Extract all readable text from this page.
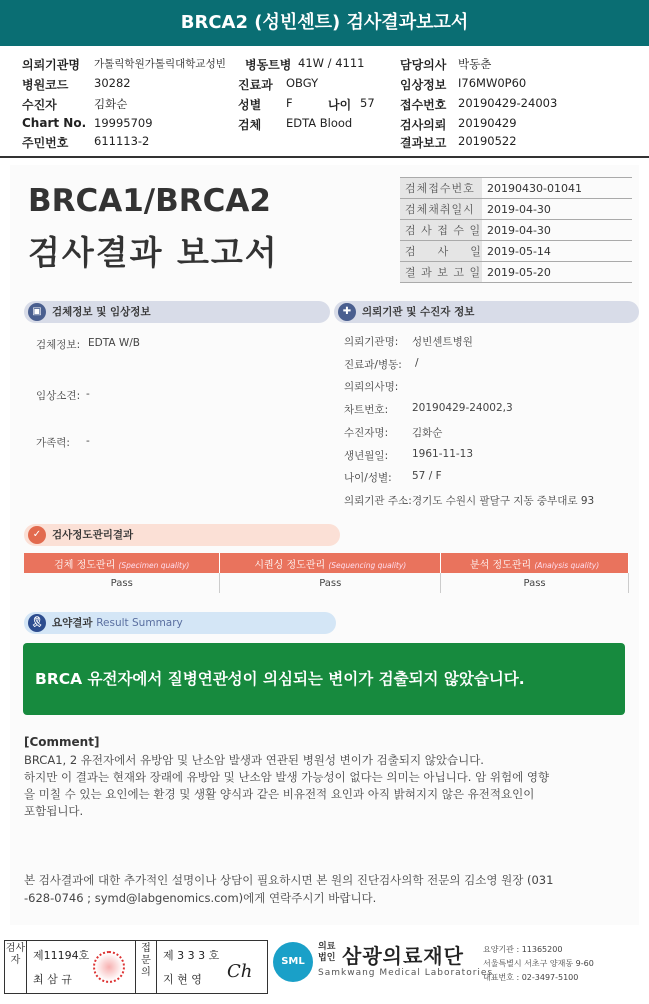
BRCA2 (성빈센트) 검사결과보고서
의뢰기관명 가톨릭학원가톨릭대학교성빈 병동트병 41W / 4111	담당의사 박동춘
병원코드 30282	진료과 OBGY	임상정보 I76MW0P60
수진자	김화순	성별 F	나이 57 접수번호 20190429-24003
Chart No. 19995709	검체 EDTA Blood	검사의뢰 20190429
주민번호 611113-2	결과보고 20190522
BRCA1/BRCA2
검사결과 보고서
검체접수번호	20190430-01041
검체채취일시	2019-04-30
검 사 접 수 일	2019-04-30
검 　 사 　 일	2019-05-14
결 과 보 고 일	2019-05-20
▣ 검체정보 및 임상정보
검체정보: EDTA W/B
임상소견: -
가족력: -
✚	의뢰기관 및 수진자 정보
의뢰기관명: 성빈센트병원
진료과/병동: /
의뢰의사명:
차트번호: 20190429-24002,3
수진자명: 김화순
생년월일: 1961-11-13
나이/성별: 57 / F
의뢰기관 주소: 경기도 수원시 팔달구 지동 중부대로 93
✓	검사정도관리결과
검체 정도관리 (Specimen quality)	시퀀싱 정도관리 (Sequencing quality)	분석 정도관리 (Analysis quality)
Pass	Pass	Pass
🎗 요약결과 Result Summary
BRCA 유전자에서 질병연관성이 의심되는 변이가 검출되지 않았습니다.
[Comment]
BRCA1, 2 유전자에서 유방암 및 난소암 발생과 연관된 병원성 변이가 검출되지 않았습니다.
하지만 이 결과는 현재와 장래에 유방암 및 난소암 발생 가능성이 없다는 의미는 아닙니다. 암 위험에 영향
을 미칠 수 있는 요인에는 환경 및 생활 양식과 같은 비유전적 요인과 아직 밝혀지지 않은 유전적요인이
포함됩니다.
본 검사결과에 대한 추가적인 설명이나 상담이 필요하시면 본 원의 진단검사의학 전문의 김소영 원장 (031
-628-0746 ; symd@labgenomics.com)에게 연락주시기 바랍니다.
검사자	제11194호
최 삼 규
접 문 의
제 3 3 3 호
지 현 영 Ch	SML
의료
법인 삼광의료재단
Samkwang Medical Laboratories
요양기관 : 11365200
서울특별시 서초구 양재동 9-60
대표번호 : 02-3497-5100
